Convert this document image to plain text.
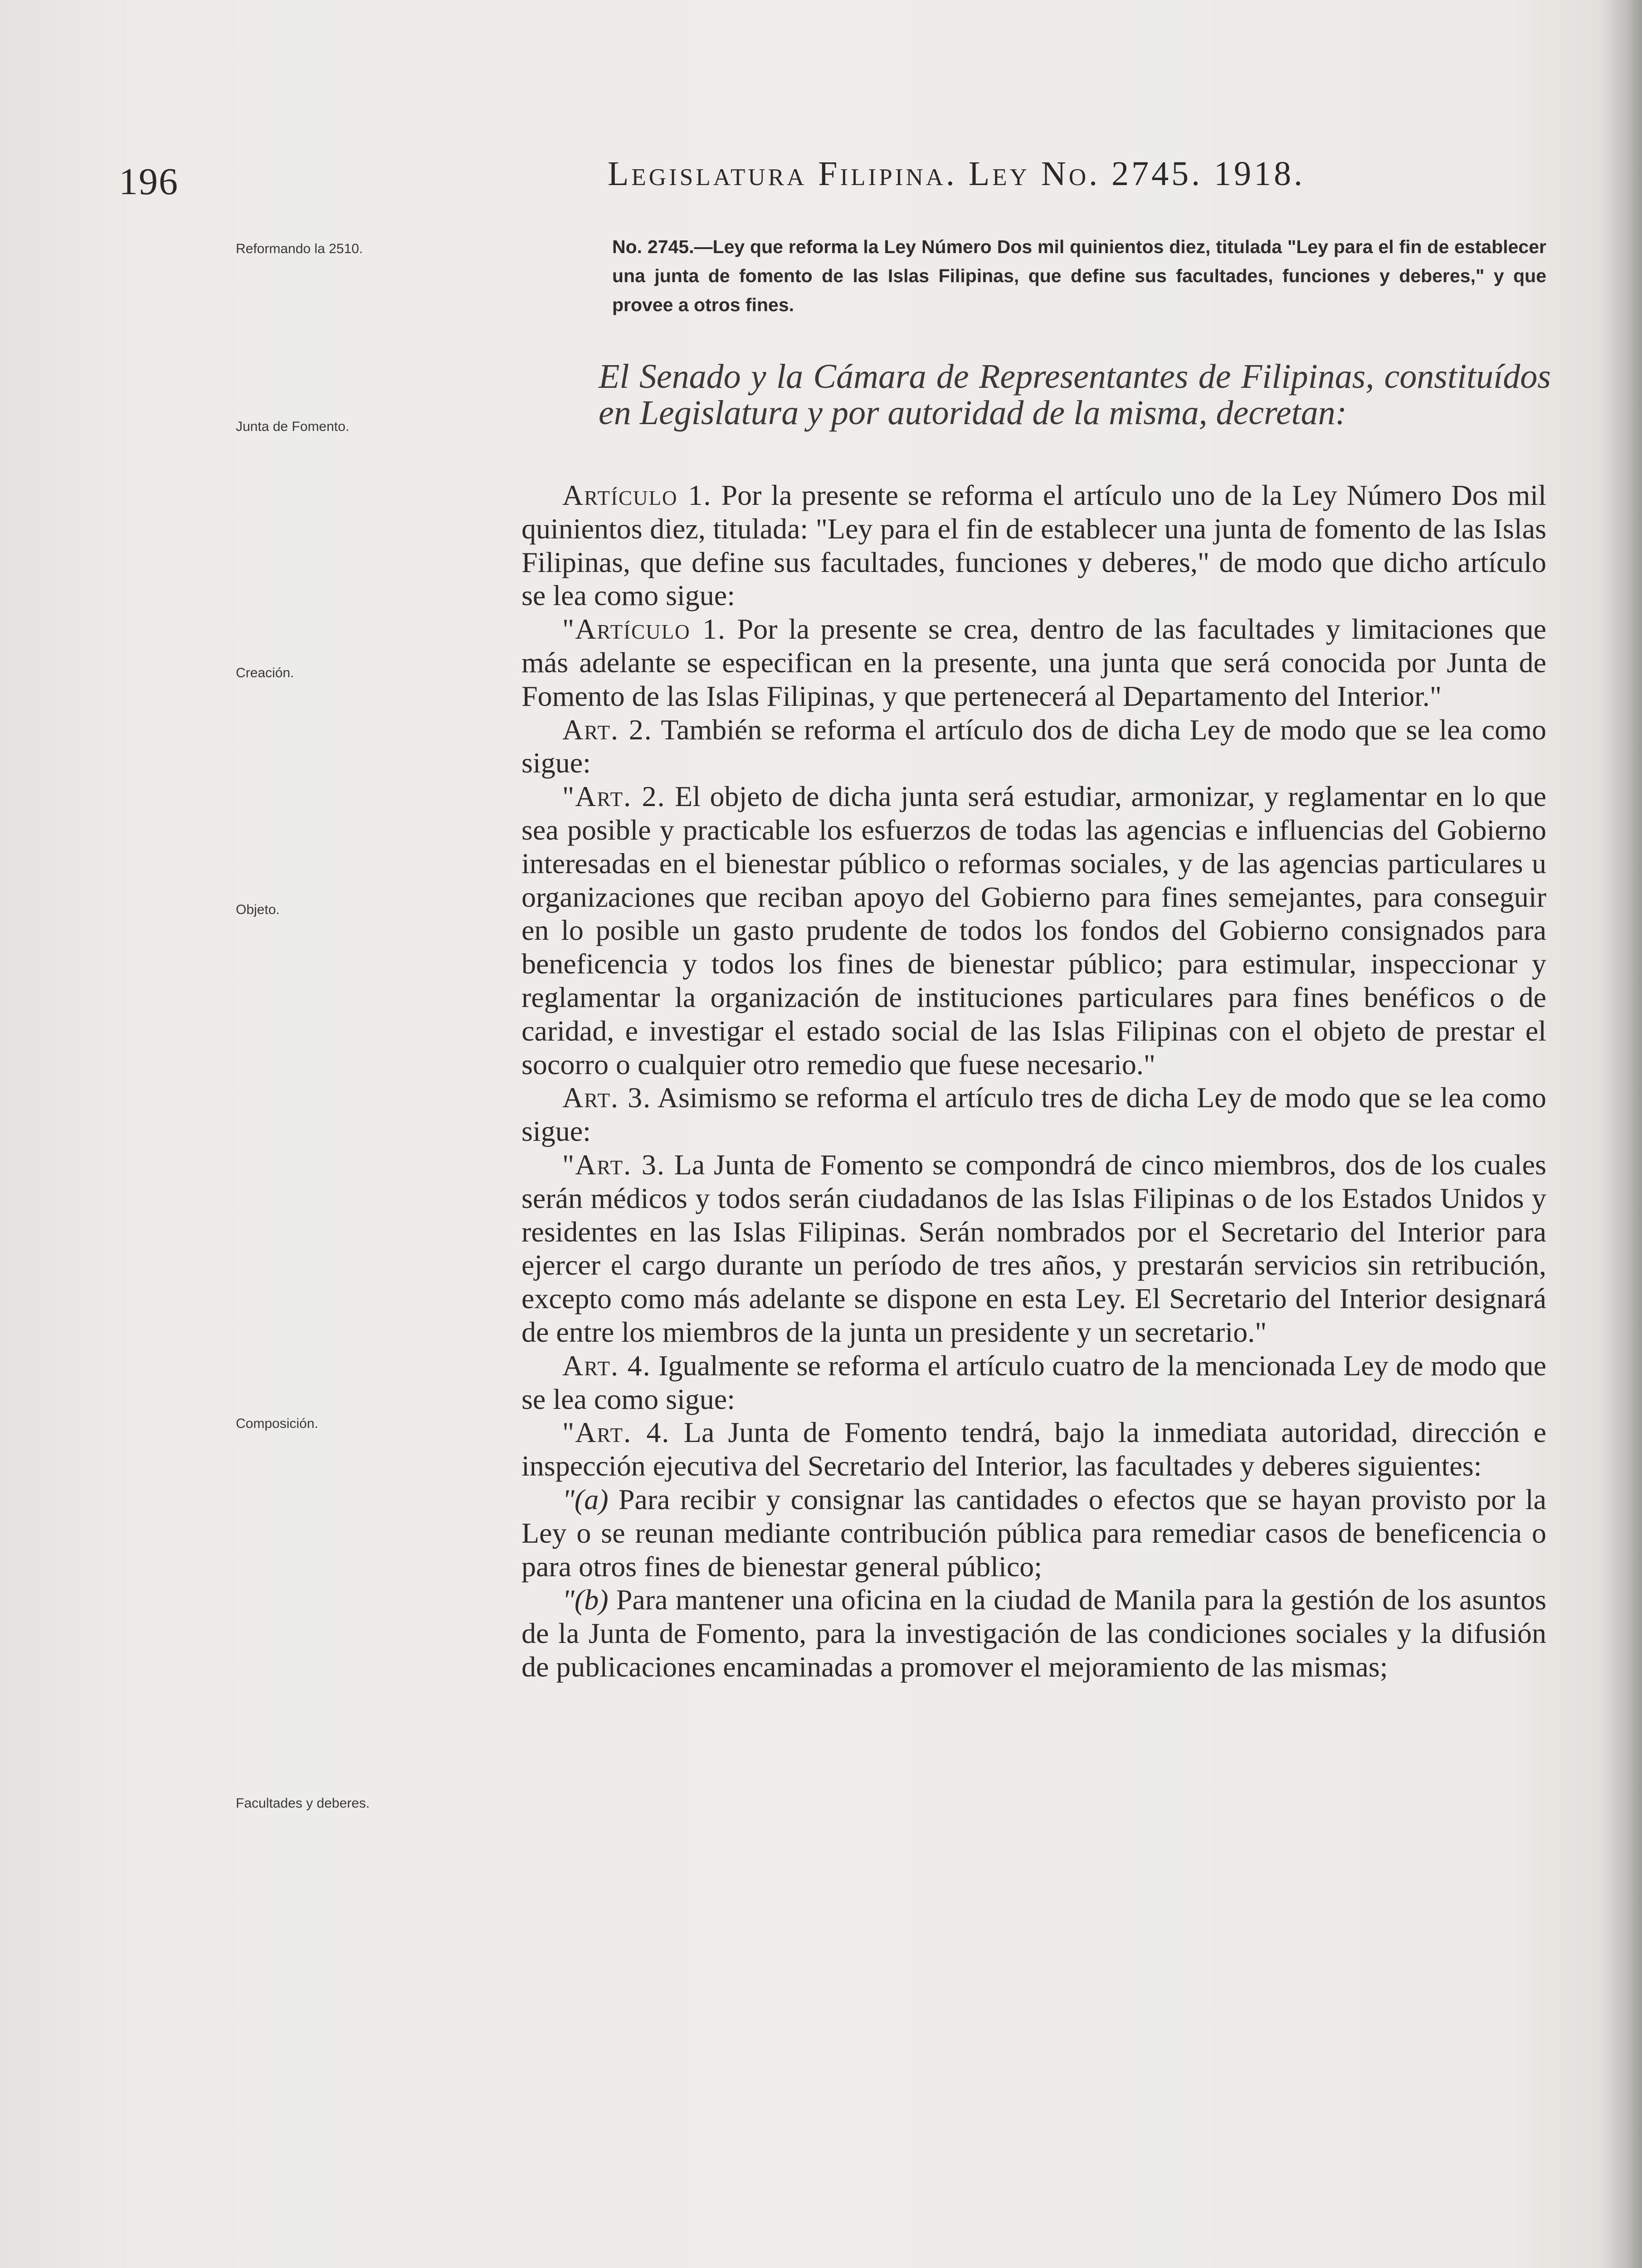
196	Legislatura Filipina. Ley No. 2745. 1918.
Reformando la 2510.
Junta de Fomento.
Creación.
Objeto.
Composición.
Facultades y deberes.
No. 2745.—Ley que reforma la Ley Número Dos mil quinientos diez, titulada "Ley para el fin de establecer una junta de fomento de las Islas Filipinas, que define sus facultades, funciones y deberes," y que provee a otros fines.
El Senado y la Cámara de Representantes de Filipinas, constituídos en Legislatura y por autoridad de la misma, decretan:

Artículo 1. Por la presente se reforma el artículo uno de la Ley Número Dos mil quinientos diez, titulada: "Ley para el fin de establecer una junta de fomento de las Islas Filipinas, que define sus facultades, funciones y deberes," de modo que dicho artículo se lea como sigue:

"Artículo 1. Por la presente se crea, dentro de las facultades y limitaciones que más adelante se especifican en la presente, una junta que será conocida por Junta de Fomento de las Islas Filipinas, y que pertenecerá al Departamento del Interior."

Art. 2. También se reforma el artículo dos de dicha Ley de modo que se lea como sigue:

"Art. 2. El objeto de dicha junta será estudiar, armonizar, y reglamentar en lo que sea posible y practicable los esfuerzos de todas las agencias e influencias del Gobierno interesadas en el bienestar público o reformas sociales, y de las agencias particulares u organizaciones que reciban apoyo del Gobierno para fines semejantes, para conseguir en lo posible un gasto prudente de todos los fondos del Gobierno consignados para beneficencia y todos los fines de bienestar público; para estimular, inspeccionar y reglamentar la organización de instituciones particulares para fines benéficos o de caridad, e investigar el estado social de las Islas Filipinas con el objeto de prestar el socorro o cualquier otro remedio que fuese necesario."

Art. 3. Asimismo se reforma el artículo tres de dicha Ley de modo que se lea como sigue:

"Art. 3. La Junta de Fomento se compondrá de cinco miembros, dos de los cuales serán médicos y todos serán ciudadanos de las Islas Filipinas o de los Estados Unidos y residentes en las Islas Filipinas. Serán nombrados por el Secretario del Interior para ejercer el cargo durante un período de tres años, y prestarán servicios sin retribución, excepto como más adelante se dispone en esta Ley. El Secretario del Interior designará de entre los miembros de la junta un presidente y un secretario."

Art. 4. Igualmente se reforma el artículo cuatro de la mencionada Ley de modo que se lea como sigue:

"Art. 4. La Junta de Fomento tendrá, bajo la inmediata autoridad, dirección e inspección ejecutiva del Secretario del Interior, las facultades y deberes siguientes:

"(a) Para recibir y consignar las cantidades o efectos que se hayan provisto por la Ley o se reunan mediante contribución pública para remediar casos de beneficencia o para otros fines de bienestar general público;

"(b) Para mantener una oficina en la ciudad de Manila para la gestión de los asuntos de la Junta de Fomento, para la investigación de las condiciones sociales y la difusión de publicaciones encaminadas a promover el mejoramiento de las mismas;
